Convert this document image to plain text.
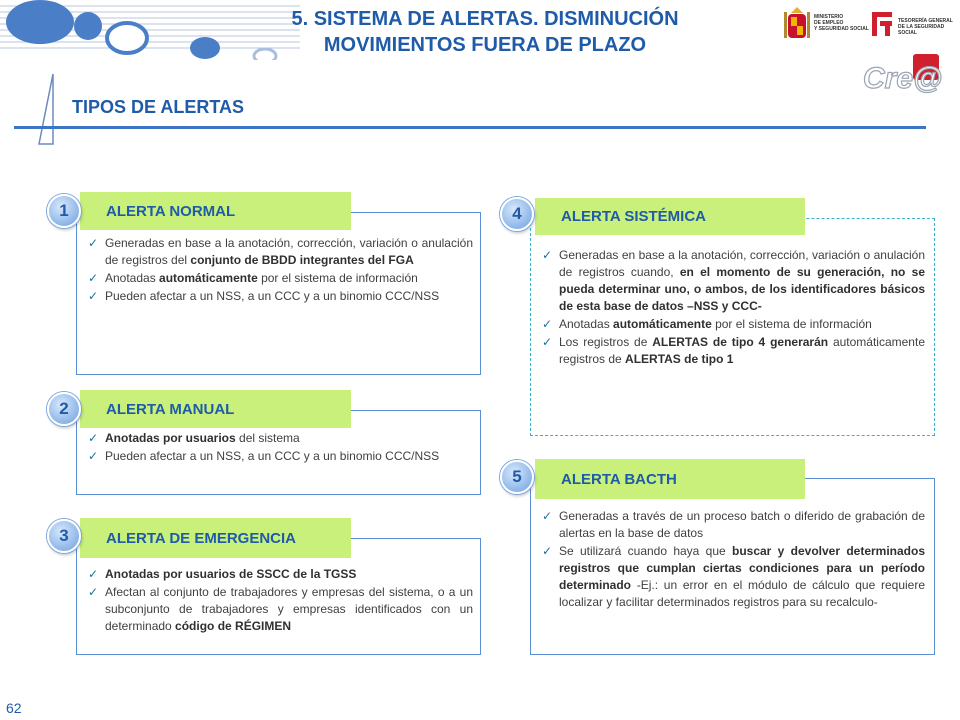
5. SISTEMA DE ALERTAS. DISMINUCIÓN
MOVIMIENTOS FUERA DE PLAZO
MINISTERIO
DE EMPLEO
Y SEGURIDAD SOCIAL
TESORERÍA GENERAL
DE LA SEGURIDAD SOCIAL
Cre@
TIPOS DE ALERTAS
ALERTA NORMAL
1
✓ Generadas en base a la anotación, corrección, variación o anulación de registros del conjunto de BBDD integrantes del FGA
✓ Anotadas automáticamente por el sistema de información
✓ Pueden afectar a un NSS, a un CCC y a un binomio CCC/NSS
ALERTA MANUAL
2
✓ Anotadas por usuarios del sistema
✓ Pueden afectar a un NSS, a un CCC y a un binomio CCC/NSS
ALERTA DE EMERGENCIA
3
✓ Anotadas por usuarios de SSCC de la TGSS
✓ Afectan al conjunto de trabajadores y empresas del sistema, o a un subconjunto de trabajadores y empresas identificados con un determinado código de RÉGIMEN
ALERTA SISTÉMICA
4
✓ Generadas en base a la anotación, corrección, variación o anulación de registros cuando, en el momento de su generación, no se pueda determinar uno, o ambos, de los identificadores básicos de esta base de datos –NSS y CCC-
✓ Anotadas automáticamente por el sistema de información
✓ Los registros de ALERTAS de tipo 4 generarán automáticamente registros de ALERTAS de tipo 1
ALERTA BACTH
5
✓ Generadas a través de un proceso batch o diferido de grabación de alertas en la base de datos
✓ Se utilizará cuando haya que buscar y devolver determinados registros que cumplan ciertas condiciones para un período determinado -Ej.: un error en el módulo de cálculo que requiere localizar y facilitar determinados registros para su recalculo-
62
